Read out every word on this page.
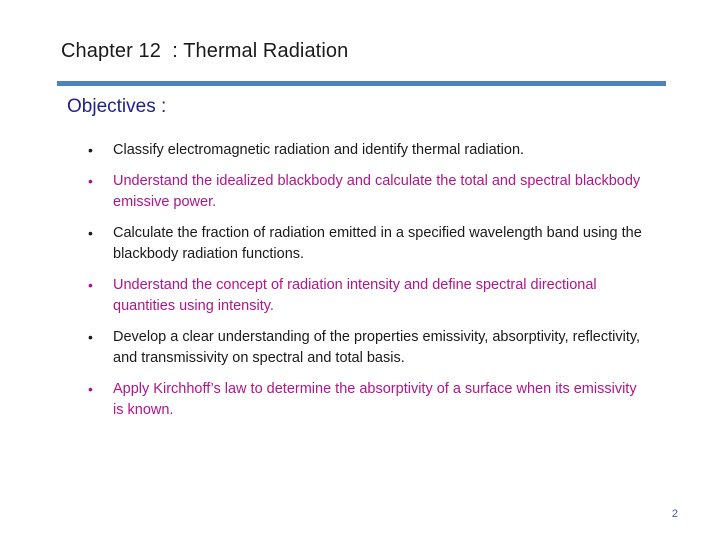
Chapter 12  : Thermal Radiation
Objectives :
• Classify electromagnetic radiation and identify thermal radiation.
• Understand the idealized blackbody and calculate the total and spectral blackbody emissive power.
• Calculate the fraction of radiation emitted in a specified wavelength band using the blackbody radiation functions.
• Understand the concept of radiation intensity and define spectral directional quantities using intensity.
• Develop a clear understanding of the properties emissivity, absorptivity, reflectivity, and transmissivity on spectral and total basis.
• Apply Kirchhoff’s law to determine the absorptivity of a surface when its emissivity is known.
2
